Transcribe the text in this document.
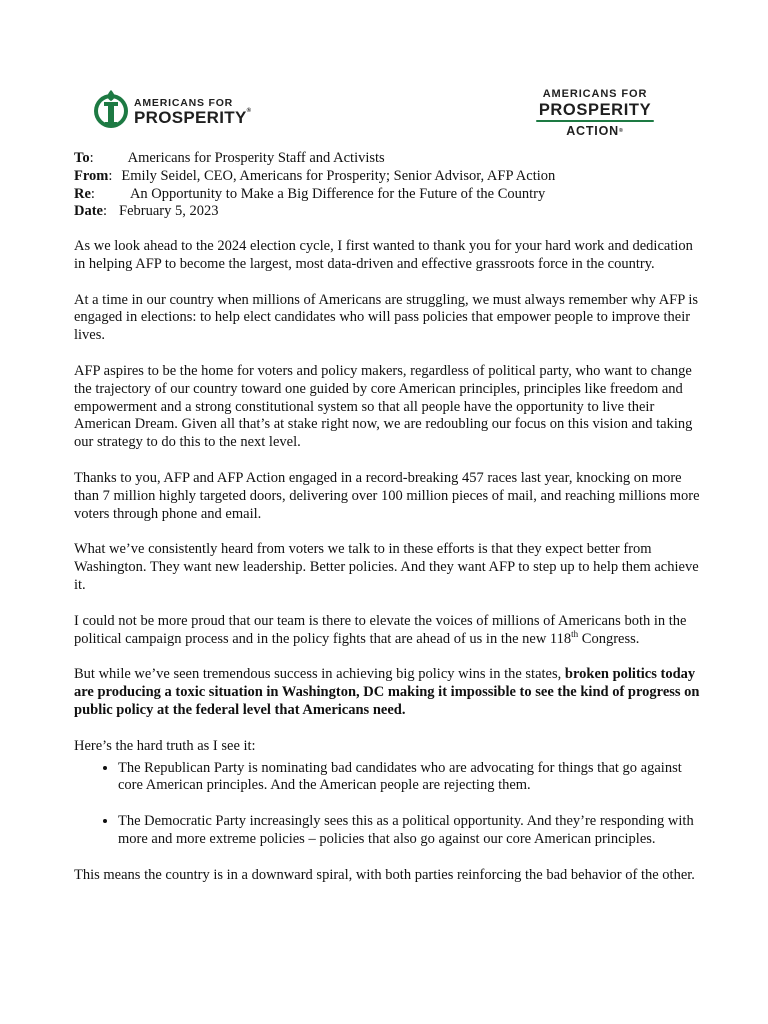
AMERICANS FOR
PROSPERITY®
AMERICANS FOR
PROSPERITY
ACTION®
To: Americans for Prosperity Staff and Activists
From: Emily Seidel, CEO, Americans for Prosperity; Senior Advisor, AFP Action
Re: An Opportunity to Make a Big Difference for the Future of the Country
Date: February 5, 2023

As we look ahead to the 2024 election cycle, I first wanted to thank you for your hard work and dedication in helping AFP to become the largest, most data-driven and effective grassroots force in the country.

At a time in our country when millions of Americans are struggling, we must always remember why AFP is engaged in elections: to help elect candidates who will pass policies that empower people to improve their lives.

AFP aspires to be the home for voters and policy makers, regardless of political party, who want to change the trajectory of our country toward one guided by core American principles, principles like freedom and empowerment and a strong constitutional system so that all people have the opportunity to live their American Dream. Given all that’s at stake right now, we are redoubling our focus on this vision and taking our strategy to do this to the next level.

Thanks to you, AFP and AFP Action engaged in a record-breaking 457 races last year, knocking on more than 7 million highly targeted doors, delivering over 100 million pieces of mail, and reaching millions more voters through phone and email.

What we’ve consistently heard from voters we talk to in these efforts is that they expect better from Washington. They want new leadership. Better policies. And they want AFP to step up to help them achieve it.

I could not be more proud that our team is there to elevate the voices of millions of Americans both in the political campaign process and in the policy fights that are ahead of us in the new 118th Congress.

But while we’ve seen tremendous success in achieving big policy wins in the states, broken politics today are producing a toxic situation in Washington, DC making it impossible to see the kind of progress on public policy at the federal level that Americans need.

Here’s the hard truth as I see it:

• The Republican Party is nominating bad candidates who are advocating for things that go against core American principles. And the American people are rejecting them.
• The Democratic Party increasingly sees this as a political opportunity. And they’re responding with more and more extreme policies – policies that also go against our core American principles.

This means the country is in a downward spiral, with both parties reinforcing the bad behavior of the other.
